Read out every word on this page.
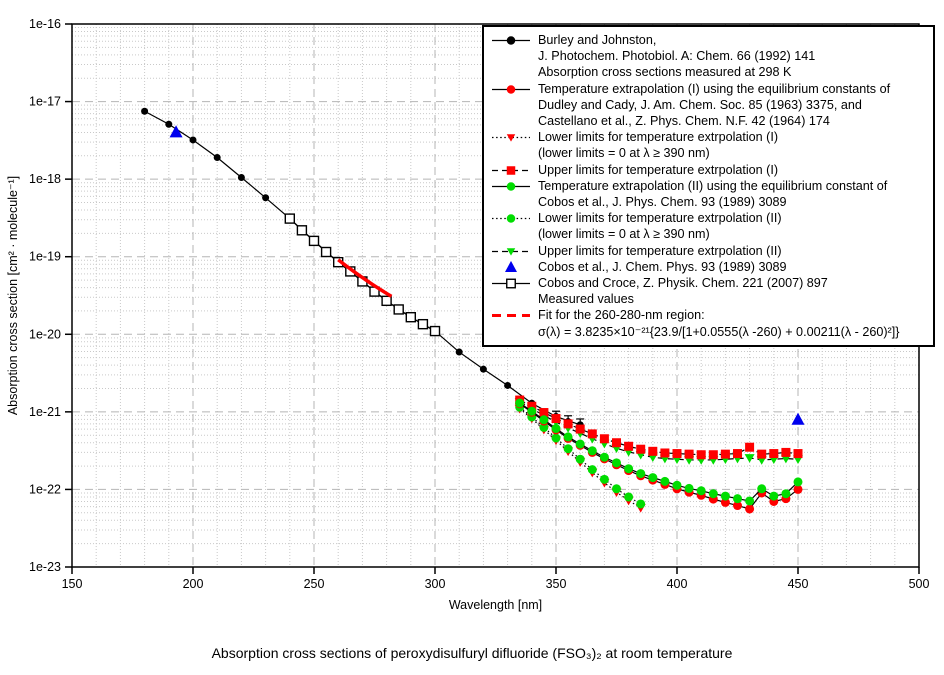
150	200	250	300	350	400	450	500
Wavelength [nm]
1e-16
1e-17
1e-18
1e-19
1e-20
1e-21
1e-22
1e-23
Absorption cross section [cm² · molecule⁻¹]
Burley and Johnston,
J. Photochem. Photobiol. A: Chem. 66 (1992) 141
Absorption cross sections measured at 298 K
Temperature extrapolation (I) using the equilibrium constants of
Dudley and Cady, J. Am. Chem. Soc. 85 (1963) 3375, and
Castellano et al., Z. Phys. Chem. N.F. 42 (1964) 174
Lower limits for temperature extrpolation (I)
(lower limits = 0 at λ ≥ 390 nm)
Upper limits for temperature extrpolation (I)
Temperature extrapolation (II) using the equilibrium constant of
Cobos et al., J. Phys. Chem. 93 (1989) 3089
Lower limits for temperature extrpolation (II)
(lower limits = 0 at λ ≥ 390 nm)
Upper limits for temperature extrpolation (II)
Cobos et al., J. Chem. Phys. 93 (1989) 3089
Cobos and Croce, Z. Physik. Chem. 221 (2007) 897
Measured values
Fit for the 260-280-nm region:
σ(λ) = 3.8235×10⁻²¹{23.9/[1+0.0555(λ -260) + 0.00211(λ - 260)²]}
Absorption cross sections of peroxydisulfuryl difluoride (FSO₃)₂ at room temperature
